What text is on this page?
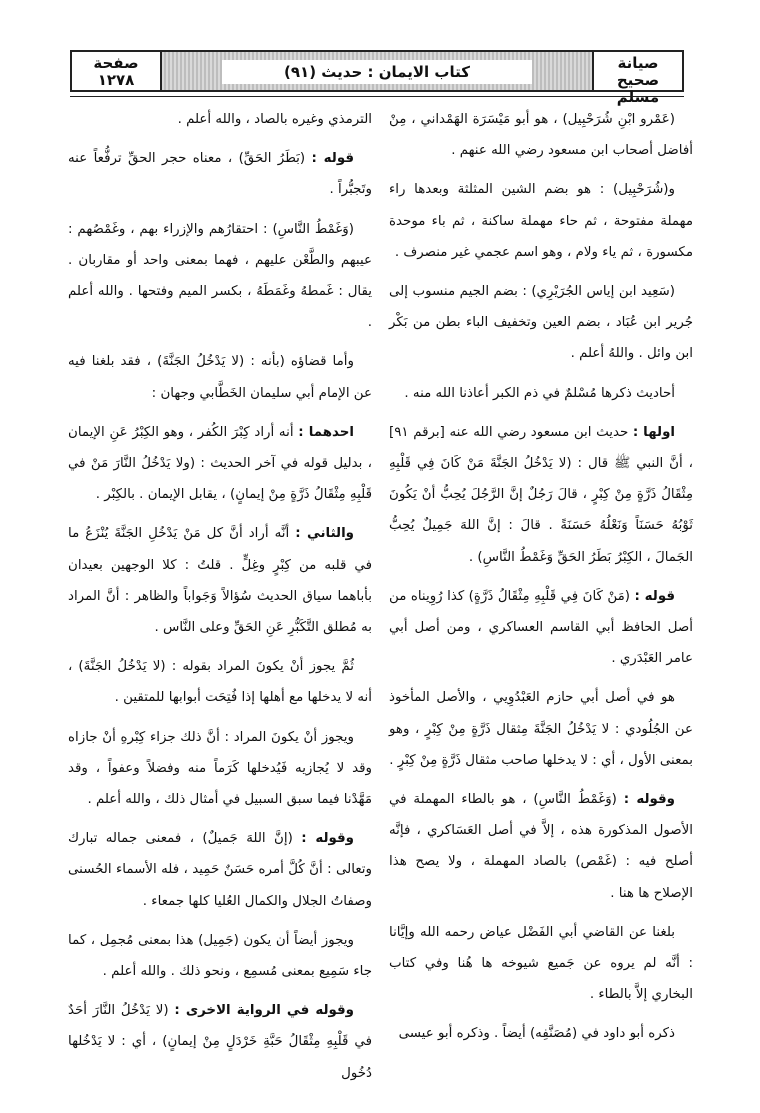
صيانة
صحيح مسلم
كتاب الايمان : حديث (٩١)
صفحة
١٢٧٨

(عَمْرو ابْنِ شُرَحْبِيل) ، هو أبو مَيْسَرَة الهَمْداني ، مِنْ أفاضل أصحاب ابن مسعود رضي الله عنهم .

و(شُرَحْبِيل) : هو بضم الشين المثلثة وبعدها راء مهملة مفتوحة ، ثم حاء مهملة ساكنة ، ثم باء موحدة مكسورة ، ثم ياء ولام ، وهو اسم عجمي غير منصرف .

(سَعِيد ابن إياس الجُرَيْرِي) : بضم الجيم منسوب إلى جُرير ابن عُبَاد ، بضم العين وتخفيف الباء بطن من بَكْر ابن وائل . واللهُ أعلم .

أحاديث ذكرها مُسْلمٌ في ذم الكبر أعاذنا الله منه .

اولها : حديث ابن مسعود رضي الله عنه [برقم ٩١] ، أنَّ النبي ﷺ قال : (لا يَدْخُلُ الجَنَّةَ مَنْ كَانَ فِي قَلْبِهِ مِثْقَالُ ذَرَّةٍ مِنْ كِبْرٍ ، قالَ رَجُلٌ إنَّ الرَّجُلَ يُحِبُّ أنْ يَكُونَ ثَوْبُهُ حَسَنَاً وَنَعْلُهُ حَسَنَةً . قالَ : إنَّ اللهَ جَمِيلٌ يُحِبُّ الجَمالَ ، الكِبْرُ بَطَرُ الحَقِّ وَغَمْطُ النَّاسِ) .

قوله : (مَنْ كَانَ فِي قَلْبِهِ مِثْقَالُ ذَرَّةٍ) كذا رُوِيناه من أصل الحافظ أبي القاسم العساكري ، ومن أصل أبي عامر العَبْدَري .

هو في أصل أبي حازم العَبْدُوِيي ، والأصل المأخوذ عن الجُلُودي : لا يَدْخُلُ الجَنَّةَ مِثقال ذَرَّةٍ مِنْ كِبْرٍ ، وهو بمعنى الأول ، أي : لا يدخلها صاحب مثقال ذَرَّةٍ مِنْ كِبْرٍ .

وقوله : (وَغَمْطُ النَّاسِ) ، هو بالطاء المهملة في الأصول المذكورة هذه ، إلاَّ في أصل العَسَاكري ، فإنَّه أصلح فيه : (غَمْص) بالصاد المهملة ، ولا يصح هذا الإصلاح ها هنا .

بلغنا عن القاضي أبي الفَضْل عياض رحمه الله وإيَّانا : أنَّه لم يروه عن جَميع شيوخه ها هُنا وفي كتاب البخاري إلاَّ بالطاء .

ذكره أبو داود في (مُصَنَّفِه) أيضاً . وذكره أبو عيسى

الترمذي وغيره بالصاد ، والله أعلم .

قوله : (بَطَرُ الحَقِّ) ، معناه حجر الحقِّ ترفُّعاً عنه وتَجبُّراً .

(وَغَمْطُ النَّاسِ) : احتقارُهم والإزراء بهم ، وغَمْصُهم : عيبهم والطَّعْن عليهم ، فهما بمعنى واحد أو مقاربان . يقال : غَمطهُ وغَمَطَهُ ، بكسر الميم وفتحها . والله أعلم .

وأما قضاؤه (بأنه : (لا يَدْخُلُ الجَنَّةَ) ، فقد بلغنا فيه عن الإمام أبي سليمان الخَطَّابي وجهان :

احدهما : أنه أراد كِبْرَ الكُفر ، وهو الكِبْرُ عَنِ الإيمان ، بدليل قوله في آخر الحديث : (ولا يَدْخُلُ النَّارَ مَنْ في قَلْبِهِ مِثْقَالُ ذَرَّةٍ مِنْ إيمانٍ) ، يقابل الإيمان . بالكِبْر .

والثاني : أنَّه أراد أنَّ كل مَنْ يَدْخُلِ الجَنَّةَ يُنْزَعُ ما في قلبه من كِبْرٍ وغِلٍّ . قلتُ : كلا الوجهين بعيدان بأباهما سياق الحديث سُؤالاً وَجَواباً والظاهر : أنَّ المراد به مُطلق التَّكَبُّرِ عَنِ الحَقِّ وعلى النَّاس .

ثُمَّ يجوز أنْ يكونَ المراد بقوله : (لا يَدْخُلُ الجَنَّةَ) ، أنه لا يدخلها مع أهلها إذا فُتِحَت أبوابها للمتقين .

ويجوز أنْ يكونَ المراد : أنَّ ذلك جزاء كِبْرهِ أنْ جازاه وقد لا يُجازيه فَيُدخلها كَرَماً منه وفضلاً وعفواً ، وقد مَهَّدْنا فيما سبق السبيل في أمثال ذلك ، والله أعلم .

وقوله : (إنَّ اللهَ جَميلٌ) ، فمعنى جماله تبارك وتعالى : أنَّ كُلَّ أمره حَسَنٌ حَمِيد ، فله الأسماء الحُسنى وصفاتُ الجلال والكمال العُليا كلها جمعاء .

ويجوز أيضاً أن يكون (جَمِيل) هذا بمعنى مُجمِل ، كما جاء سَمِيع بمعنى مُسمِع ، ونحو ذلك . والله أعلم .

وقوله في الرواية الاخرى : (لا يَدْخُلُ النَّارَ أحَدٌ في قَلْبِهِ مِثْقَالُ حَبَّةِ خَرْدَلٍ مِنْ إيمانٍ) ، أي : لا يَدْخُلها دُخُول
